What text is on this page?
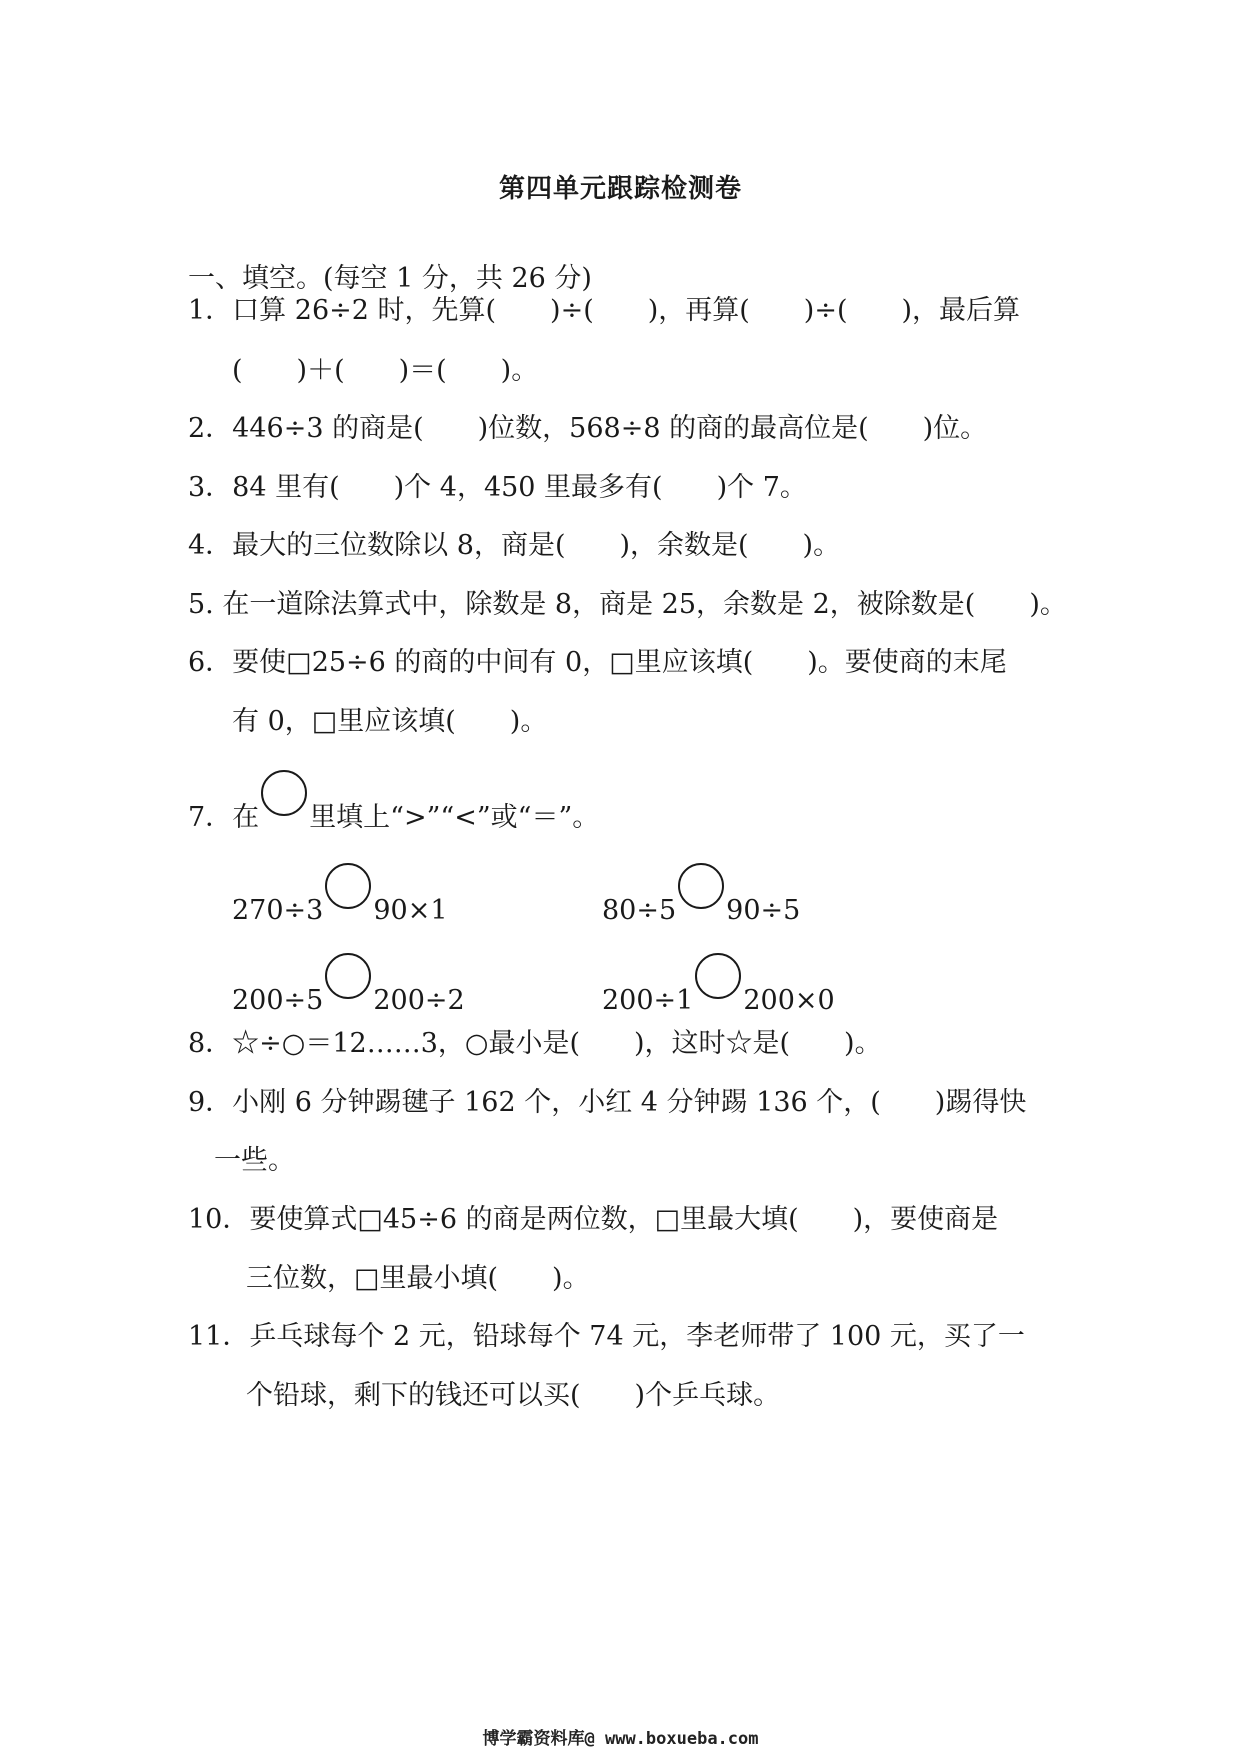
第四单元跟踪检测卷
一、填空。(每空 1 分，共 26 分)
1．口算 26÷2 时，先算(　　)÷(　　)，再算(　　)÷(　　)，最后算
(　　)＋(　　)＝(　　)。
2．446÷3 的商是(　　)位数，568÷8 的商的最高位是(　　)位。
3．84 里有(　　)个 4，450 里最多有(　　)个 7。
4．最大的三位数除以 8，商是(　　)，余数是(　　)。
5. 在一道除法算式中，除数是 8，商是 25，余数是 2，被除数是(　　)。
6．要使□25÷6 的商的中间有 0，□里应该填(　　)。要使商的末尾
有 0，□里应该填(　　)。
7．在 里填上“>”“<”或“＝”。
270÷3 90×1	80÷5 90÷5
200÷5 200÷2	200÷1 200×0
8．☆÷○＝12……3，○最小是(　　)，这时☆是(　　)。
9．小刚 6 分钟踢毽子 162 个，小红 4 分钟踢 136 个，(　　)踢得快
一些。
10．要使算式□45÷6 的商是两位数，□里最大填(　　)，要使商是
三位数，□里最小填(　　)。
11．乒乓球每个 2 元，铅球每个 74 元，李老师带了 100 元，买了一
个铅球，剩下的钱还可以买(　　)个乒乓球。
博学霸资料库@ www.boxueba.com
